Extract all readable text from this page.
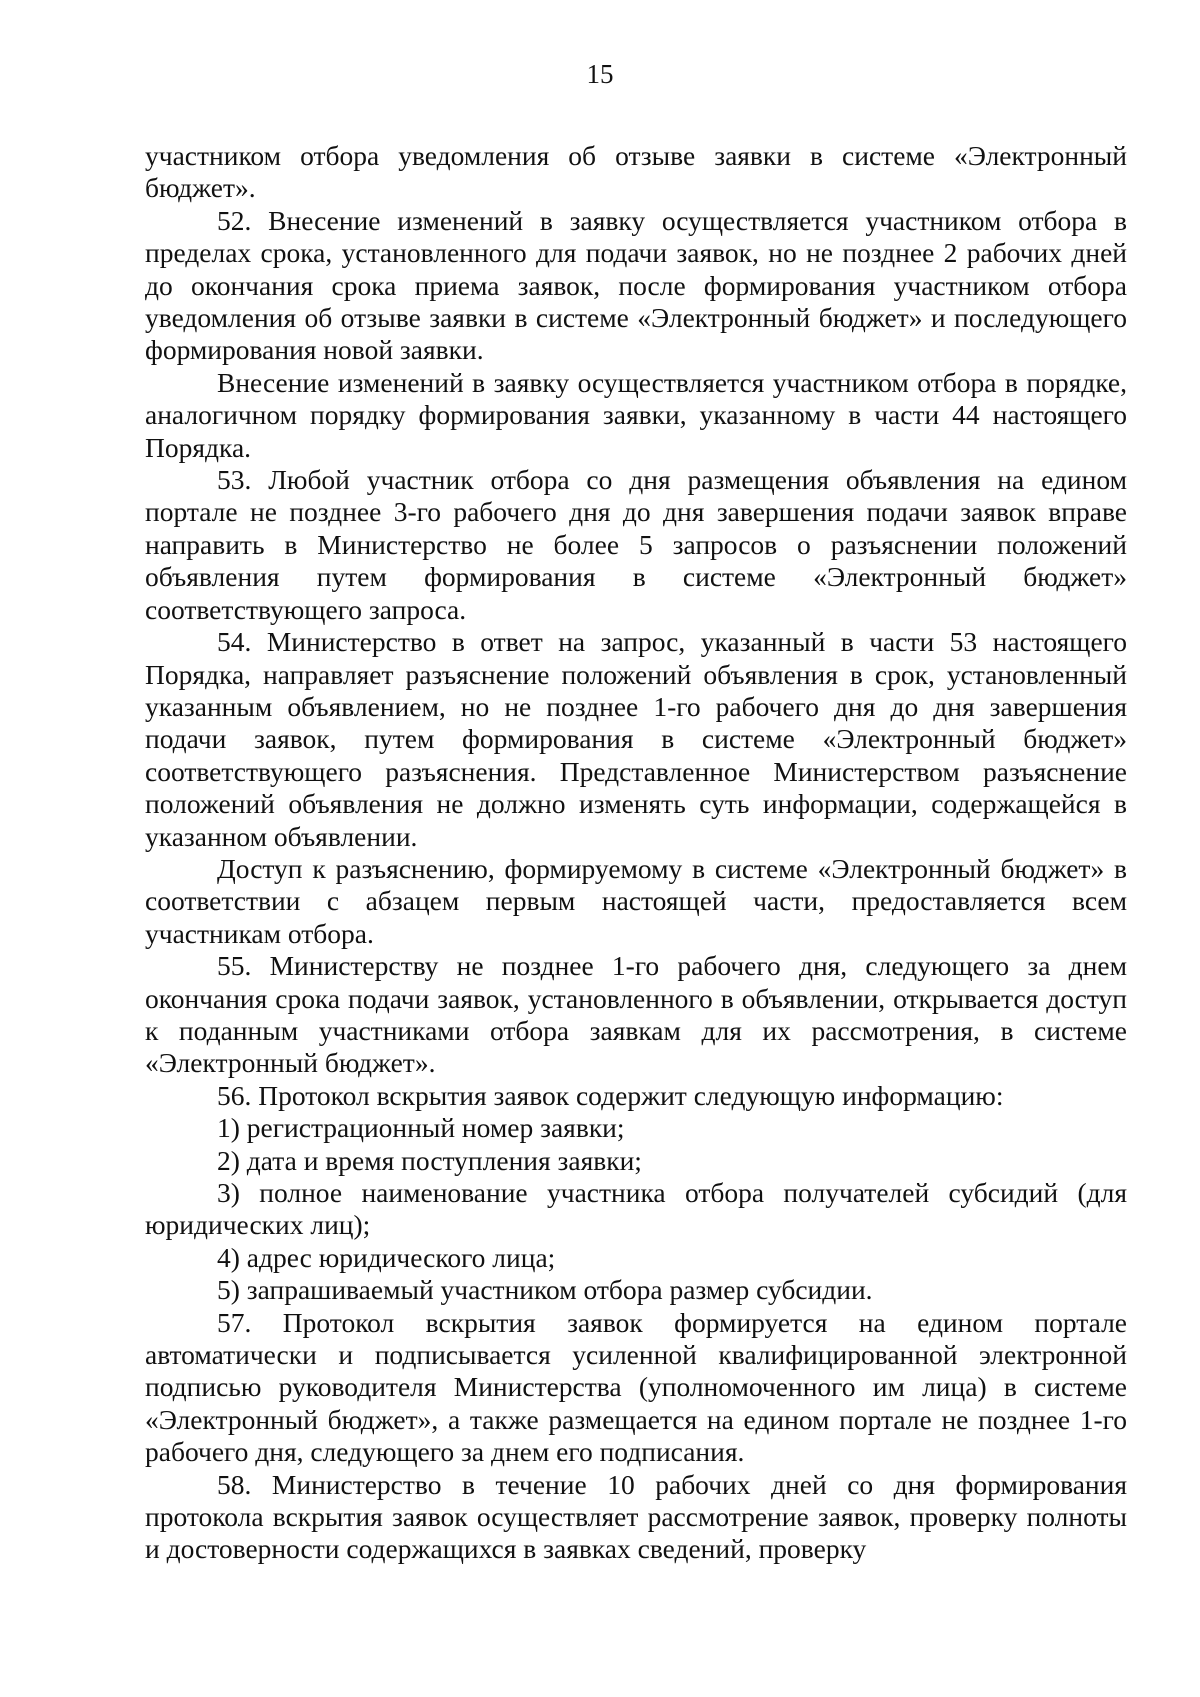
15

участником отбора уведомления об отзыве заявки в системе «Электронный бюджет».

52. Внесение изменений в заявку осуществляется участником отбора в пределах срока, установленного для подачи заявок, но не позднее 2 рабочих дней до окончания срока приема заявок, после формирования участником отбора уведомления об отзыве заявки в системе «Электронный бюджет» и последующего формирования новой заявки.

Внесение изменений в заявку осуществляется участником отбора в порядке, аналогичном порядку формирования заявки, указанному в части 44 настоящего Порядка.

53. Любой участник отбора со дня размещения объявления на едином портале не позднее 3-го рабочего дня до дня завершения подачи заявок вправе направить в Министерство не более 5 запросов о разъяснении положений объявления путем формирования в системе «Электронный бюджет» соответствующего запроса.

54. Министерство в ответ на запрос, указанный в части 53 настоящего Порядка, направляет разъяснение положений объявления в срок, установленный указанным объявлением, но не позднее 1-го рабочего дня до дня завершения подачи заявок, путем формирования в системе «Электронный бюджет» соответствующего разъяснения. Представленное Министерством разъяснение положений объявления не должно изменять суть информации, содержащейся в указанном объявлении.

Доступ к разъяснению, формируемому в системе «Электронный бюджет» в соответствии с абзацем первым настоящей части, предоставляется всем участникам отбора.

55. Министерству не позднее 1-го рабочего дня, следующего за днем окончания срока подачи заявок, установленного в объявлении, открывается доступ к поданным участниками отбора заявкам для их рассмотрения, в системе «Электронный бюджет».

56. Протокол вскрытия заявок содержит следующую информацию:

1) регистрационный номер заявки;

2) дата и время поступления заявки;

3) полное наименование участника отбора получателей субсидий (для юридических лиц);

4) адрес юридического лица;

5) запрашиваемый участником отбора размер субсидии.

57. Протокол вскрытия заявок формируется на едином портале автоматически и подписывается усиленной квалифицированной электронной подписью руководителя Министерства (уполномоченного им лица) в системе «Электронный бюджет», а также размещается на едином портале не позднее 1-го рабочего дня, следующего за днем его подписания.

58. Министерство в течение 10 рабочих дней со дня формирования протокола вскрытия заявок осуществляет рассмотрение заявок, проверку полноты и достоверности содержащихся в заявках сведений, проверку
